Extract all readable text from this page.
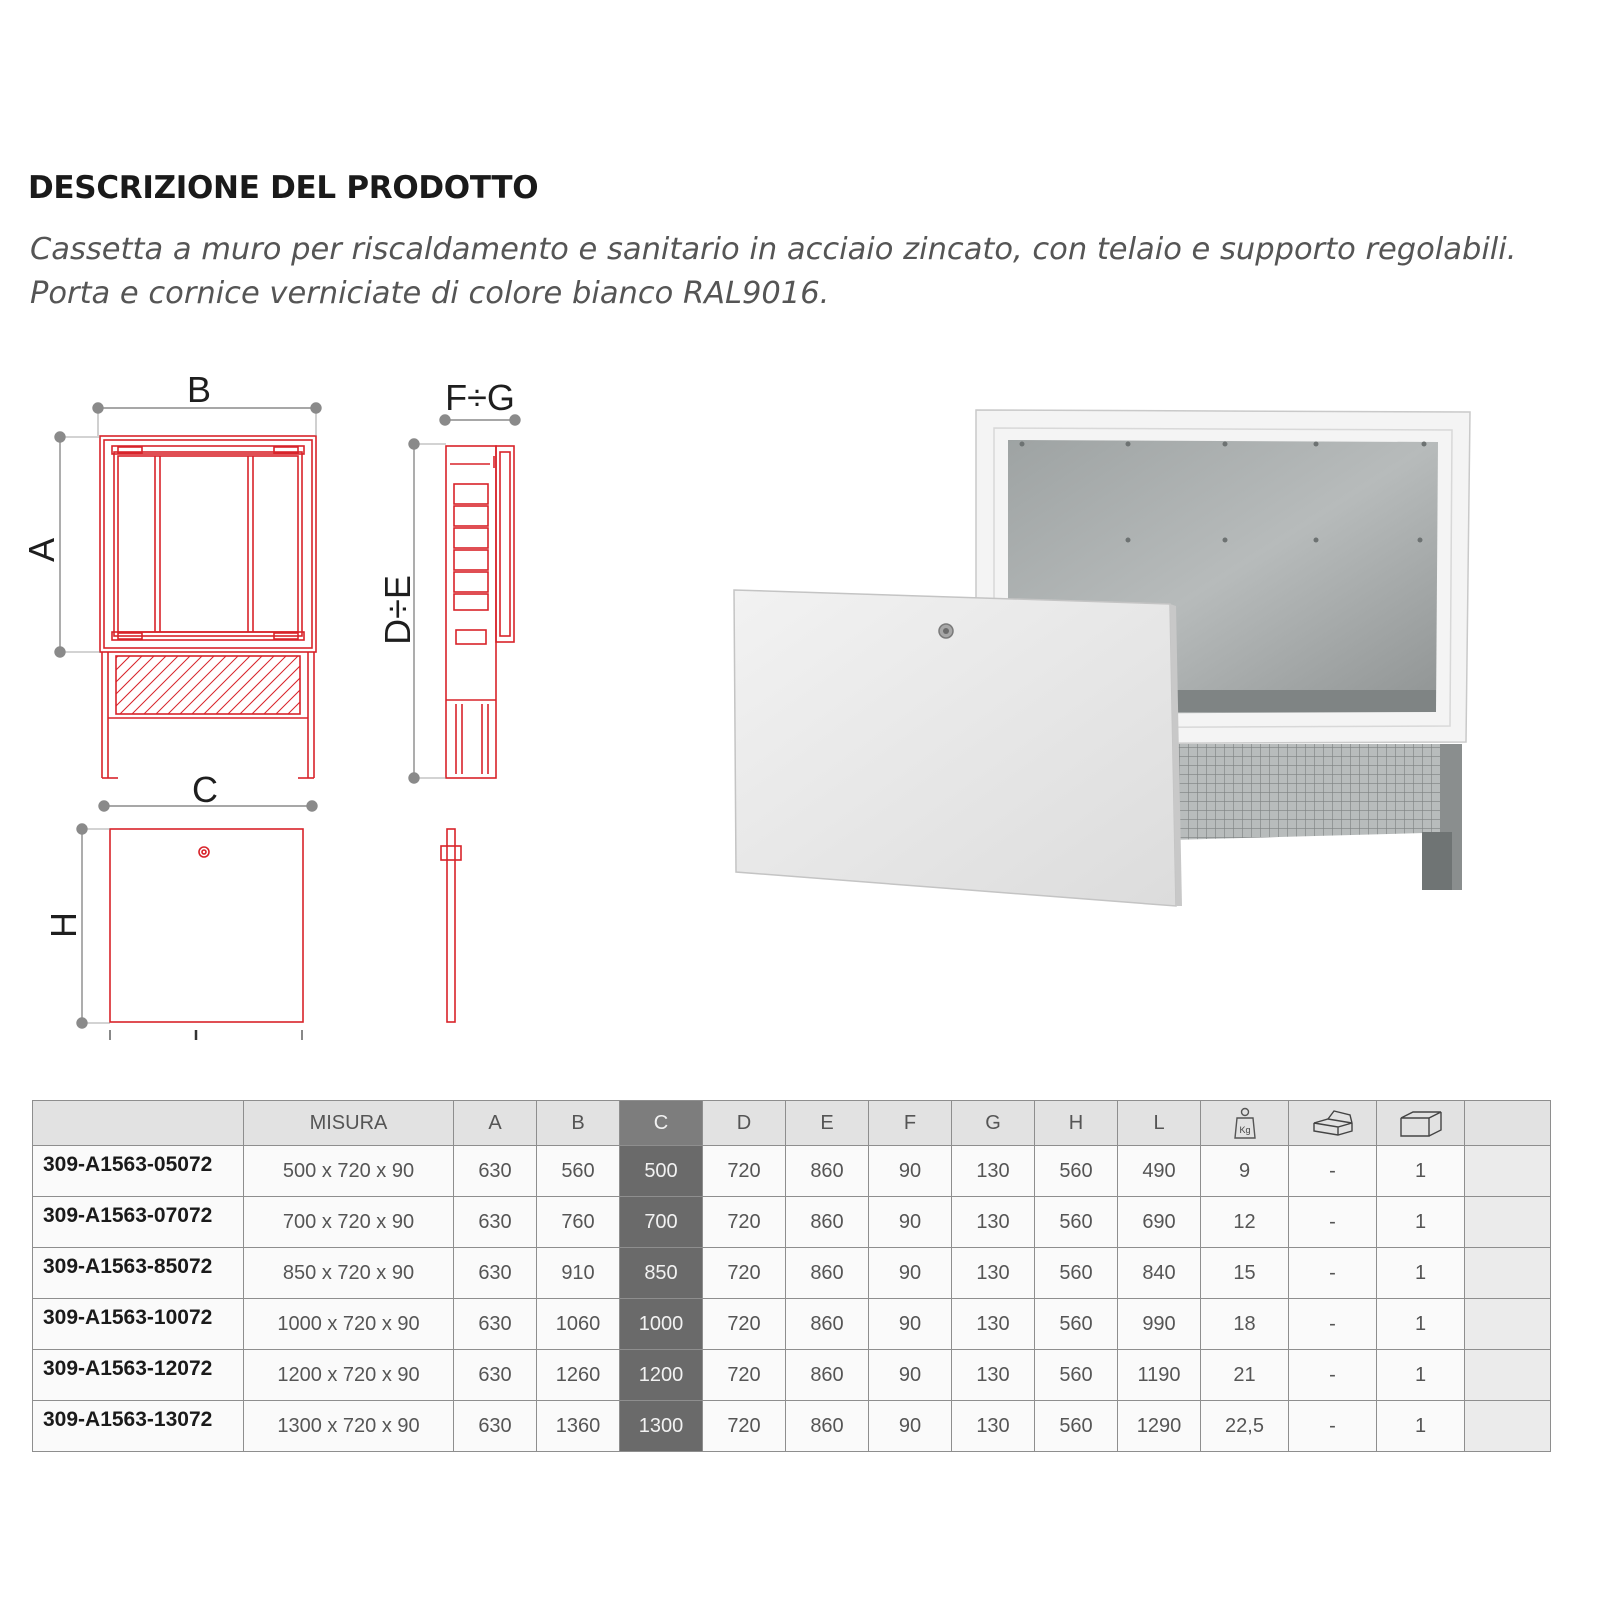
DESCRIZIONE DEL PRODOTTO
Cassetta a muro per riscaldamento e sanitario in acciaio zincato, con telaio e supporto regolabili.
Porta e cornice verniciate di colore bianco RAL9016.
B
C
F÷G
A
D÷E
H
	MISURA	A	B	C	D	E	F	G	H	L	Kg

309-A1563-05072	500 x 720 x 90	630	560	500	720	860	90	130	560	490	9	-	1	
309-A1563-07072	700 x 720 x 90	630	760	700	720	860	90	130	560	690	12	-	1	
309-A1563-85072	850 x 720 x 90	630	910	850	720	860	90	130	560	840	15	-	1	
309-A1563-10072	1000 x 720 x 90	630	1060	1000	720	860	90	130	560	990	18	-	1	
309-A1563-12072	1200 x 720 x 90	630	1260	1200	720	860	90	130	560	1190	21	-	1	
309-A1563-13072	1300 x 720 x 90	630	1360	1300	720	860	90	130	560	1290	22,5	-	1	
